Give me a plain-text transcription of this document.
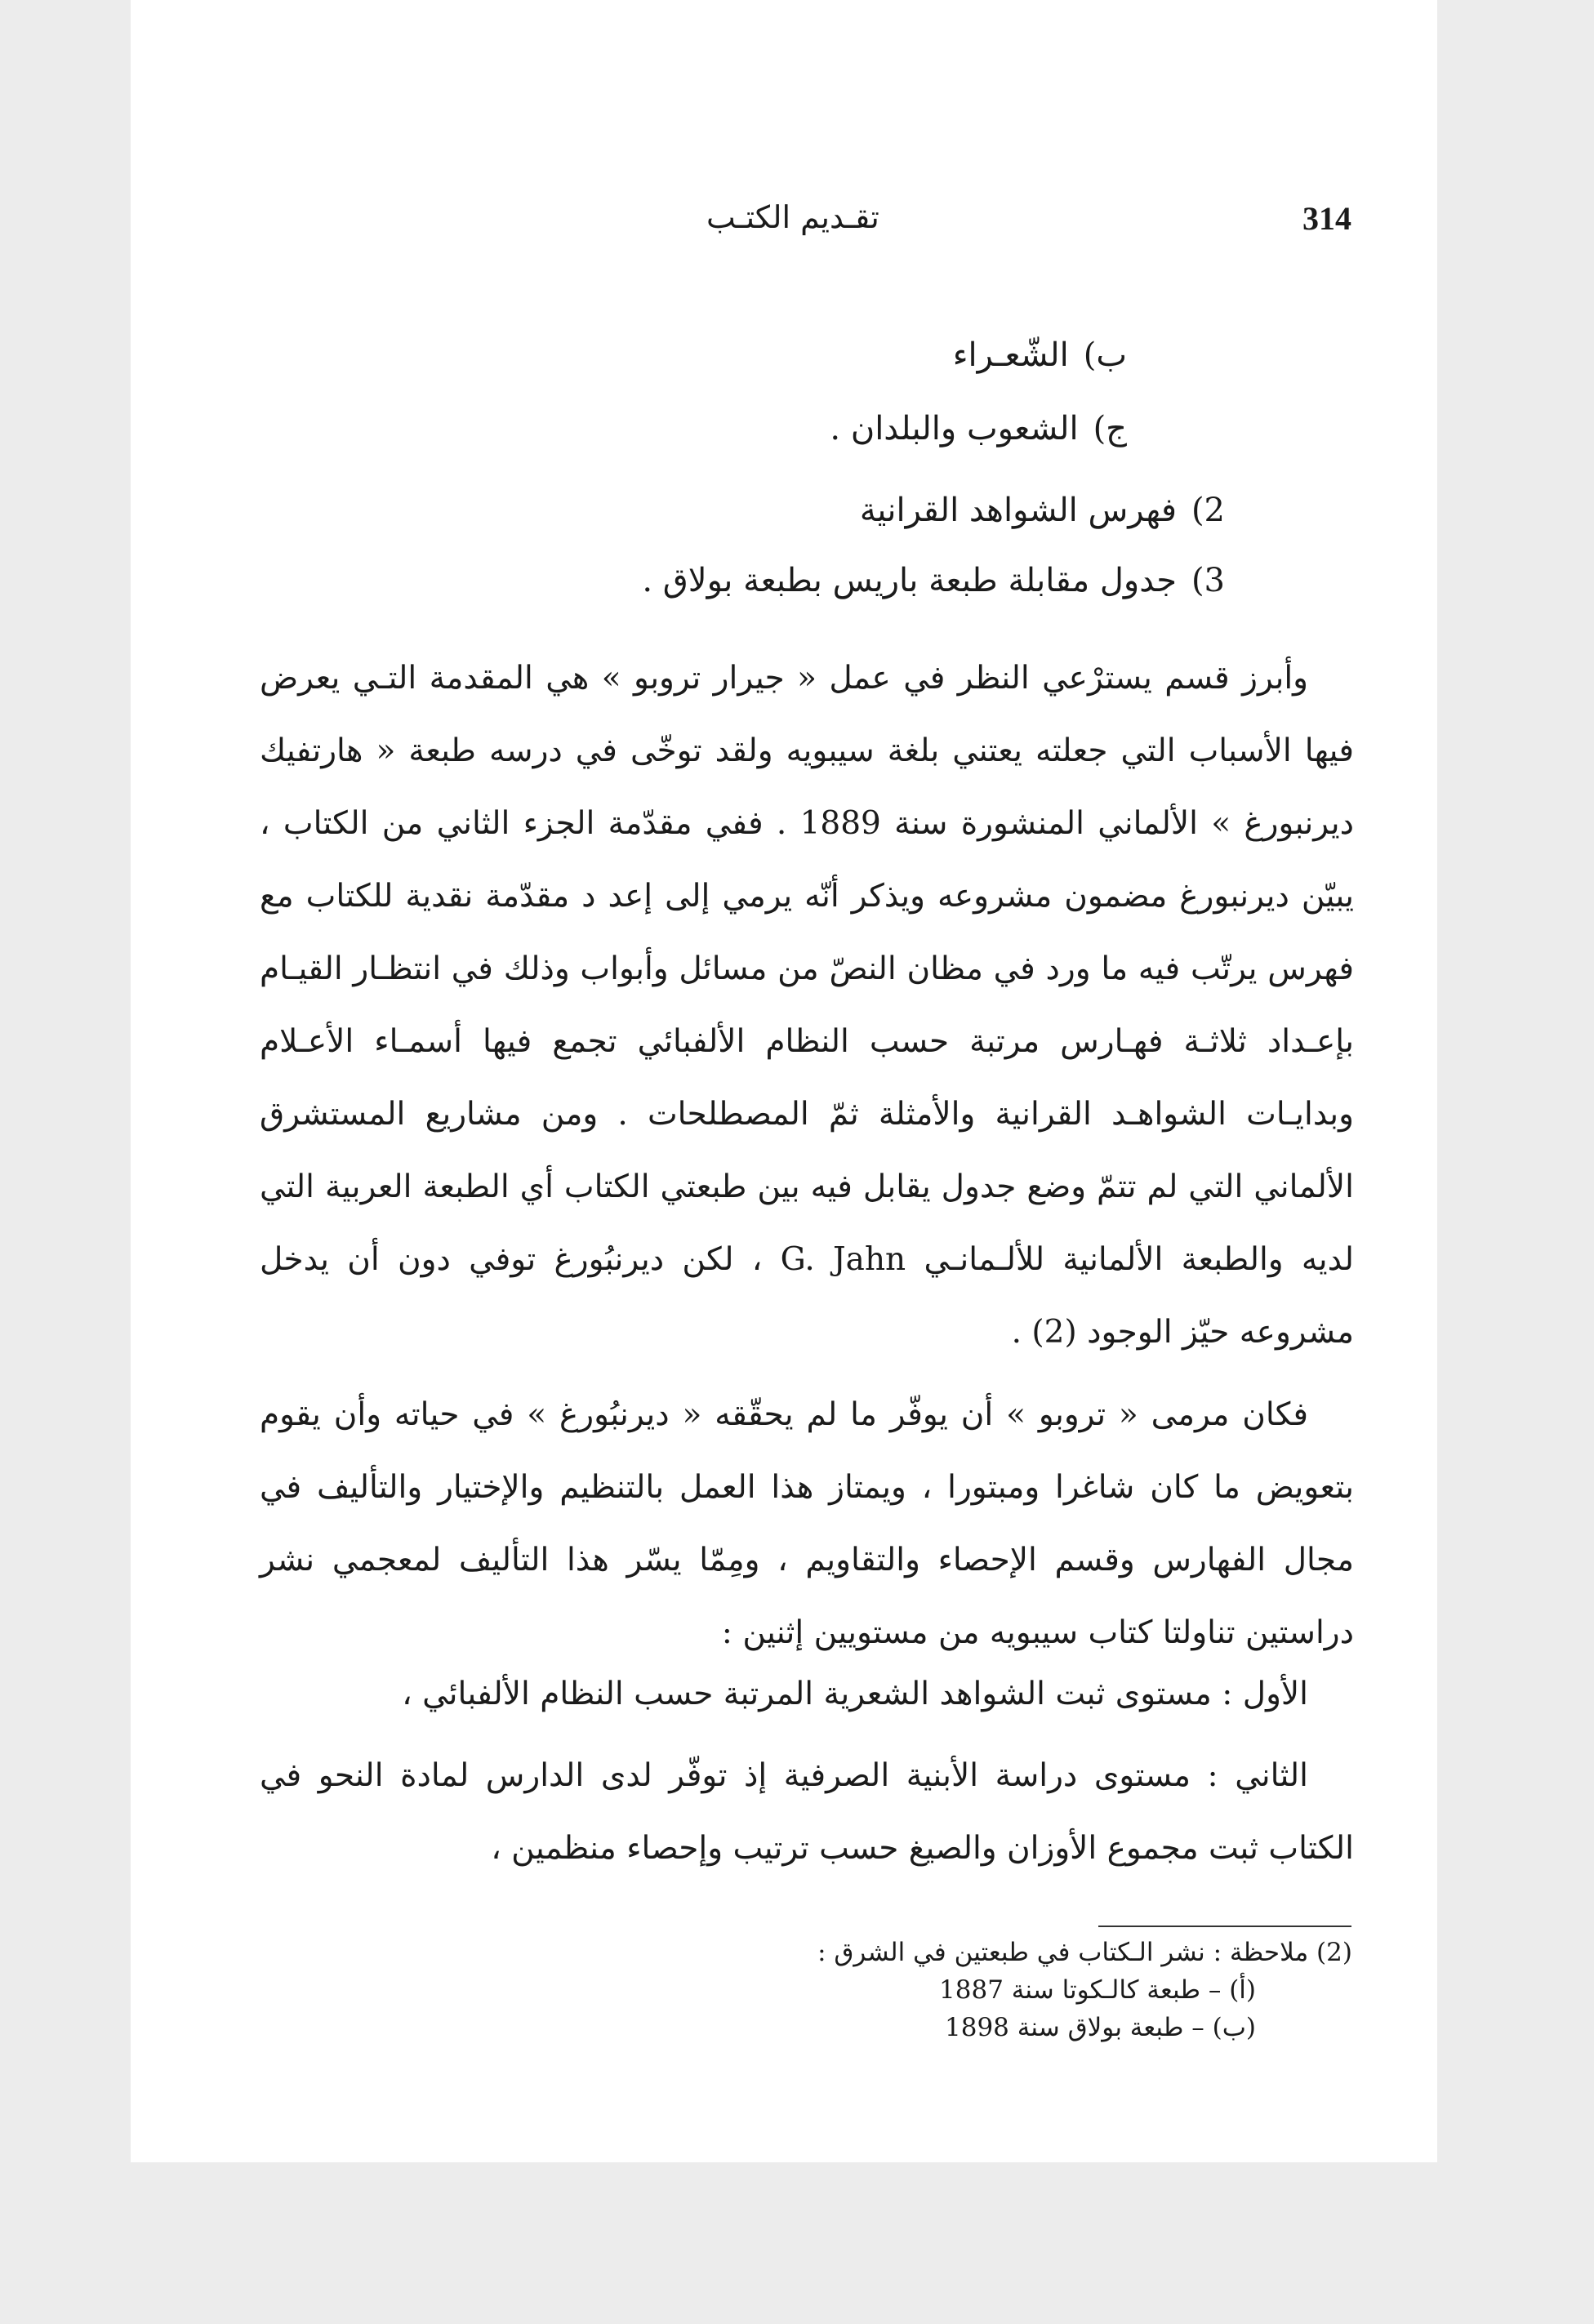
314
تقـديم الكتـب
ب)الشّعـراء
ج)الشعوب والبلدان .
2)فهرس الشواهد القرانية
3)جدول مقابلة طبعة باريس بطبعة بولاق .

وأبرز قسم يسترْعي النظر في عمل « جيرار تروبو » هي المقدمة التـي يعرض فيها الأسباب التي جعلته يعتني بلغة سيبويه ولقد توخّى في درسه طبعة « هارتفيك ديرنبورغ » الألماني المنشورة سنة 1889 . ففي مقدّمة الجزء الثاني من الكتاب ، يبيّن ديرنبورغ مضمون مشروعه ويذكر أنّه يرمي إلى إعد د مقدّمة نقدية للكتاب مع فهرس يرتّب فيه ما ورد في مظان النصّ من مسائل وأبواب وذلك في انتظـار القيـام بإعـداد ثلاثـة فهـارس مرتبة حسب النظام الألفبائي تجمع فيها أسمـاء الأعـلام وبدايـات الشواهـد القرانية والأمثلة ثمّ المصطلحات . ومن مشاريع المستشرق الألماني التي لم تتمّ وضع جدول يقابل فيه بين طبعتي الكتاب أي الطبعة العربية التي لديه والطبعة الألمانية للألـمانـي G. Jahn ، لكن ديرنبُورغ توفي دون أن يدخل مشروعه حيّز الوجود (2) .

فكان مرمى « تروبو » أن يوفّر ما لم يحقّقه « ديرنبُورغ » في حياته وأن يقوم بتعويض ما كان شاغرا ومبتورا ، ويمتاز هذا العمل بالتنظيم والإختيار والتأليف في مجال الفهارس وقسم الإحصاء والتقاويم ، ومِمّا يسّر هذا التأليف لمعجمي نشر دراستين تناولتا كتاب سيبويه من مستويين إثنين :

الأول : مستوى ثبت الشواهد الشعرية المرتبة حسب النظام الألفبائي ،
الثاني : مستوى دراسة الأبنية الصرفية إذ توفّر لدى الدارس لمادة النحو في الكتاب ثبت مجموع الأوزان والصيغ حسب ترتيب وإحصاء منظمين ،
(2) ملاحظة : نشر الـكتاب في طبعتين في الشرق :
(أ) – طبعة كالـكوتا سنة 1887
(ب) – طبعة بولاق سنة 1898
